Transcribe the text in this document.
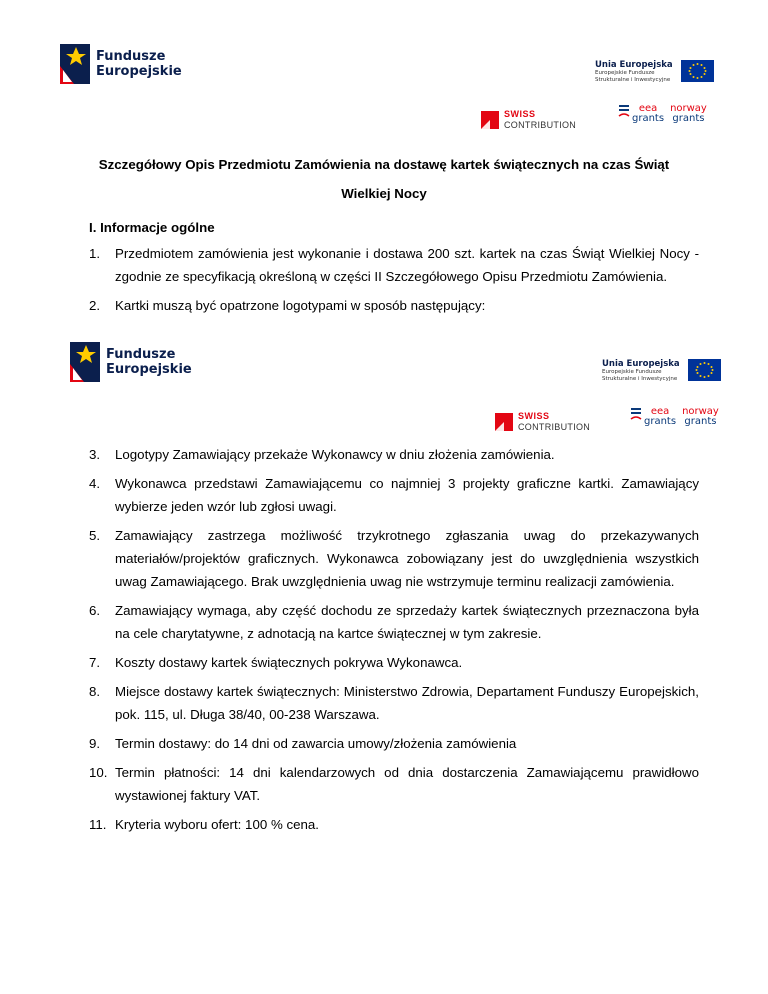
Fundusze
Europejskie	Unia Europejska
Europejskie Fundusze
Strukturalne i Inwestycyjne
SWISS
CONTRIBUTION
eea
grants
norway
grants
Szczegółowy Opis Przedmiotu Zamówienia na dostawę kartek świątecznych na czas Świąt Wielkiej Nocy
I. Informacje ogólne
1.	Przedmiotem zamówienia jest wykonanie i dostawa 200 szt. kartek na czas Świąt Wielkiej Nocy - zgodnie ze specyfikacją określoną w części II Szczegółowego Opisu Przedmiotu Zamówienia.
2.	Kartki muszą być opatrzone logotypami w sposób następujący:
Fundusze
Europejskie	Unia Europejska
Europejskie Fundusze
Strukturalne i Inwestycyjne
SWISS
CONTRIBUTION
eea
grants
norway
grants
3.	Logotypy Zamawiający przekaże Wykonawcy w dniu złożenia zamówienia.
4.	Wykonawca przedstawi Zamawiającemu co najmniej 3 projekty graficzne kartki. Zamawiający wybierze jeden wzór lub zgłosi uwagi.
5.	Zamawiający zastrzega możliwość trzykrotnego zgłaszania uwag do przekazywanych materiałów/projektów graficznych. Wykonawca zobowiązany jest do uwzględnienia wszystkich uwag Zamawiającego. Brak uwzględnienia uwag nie wstrzymuje terminu realizacji zamówienia.
6.	Zamawiający wymaga, aby część dochodu ze sprzedaży kartek świątecznych przeznaczona była na cele charytatywne, z adnotacją na kartce świątecznej w tym zakresie.
7.	Koszty dostawy kartek świątecznych pokrywa Wykonawca.
8.	Miejsce dostawy kartek świątecznych: Ministerstwo Zdrowia, Departament Funduszy Europejskich, pok. 115, ul. Długa 38/40, 00-238 Warszawa.
9.	Termin dostawy: do 14 dni od zawarcia umowy/złożenia zamówienia
10. Termin płatności: 14 dni kalendarzowych od dnia dostarczenia Zamawiającemu prawidłowo wystawionej faktury VAT.
11. Kryteria wyboru ofert: 100 % cena.
